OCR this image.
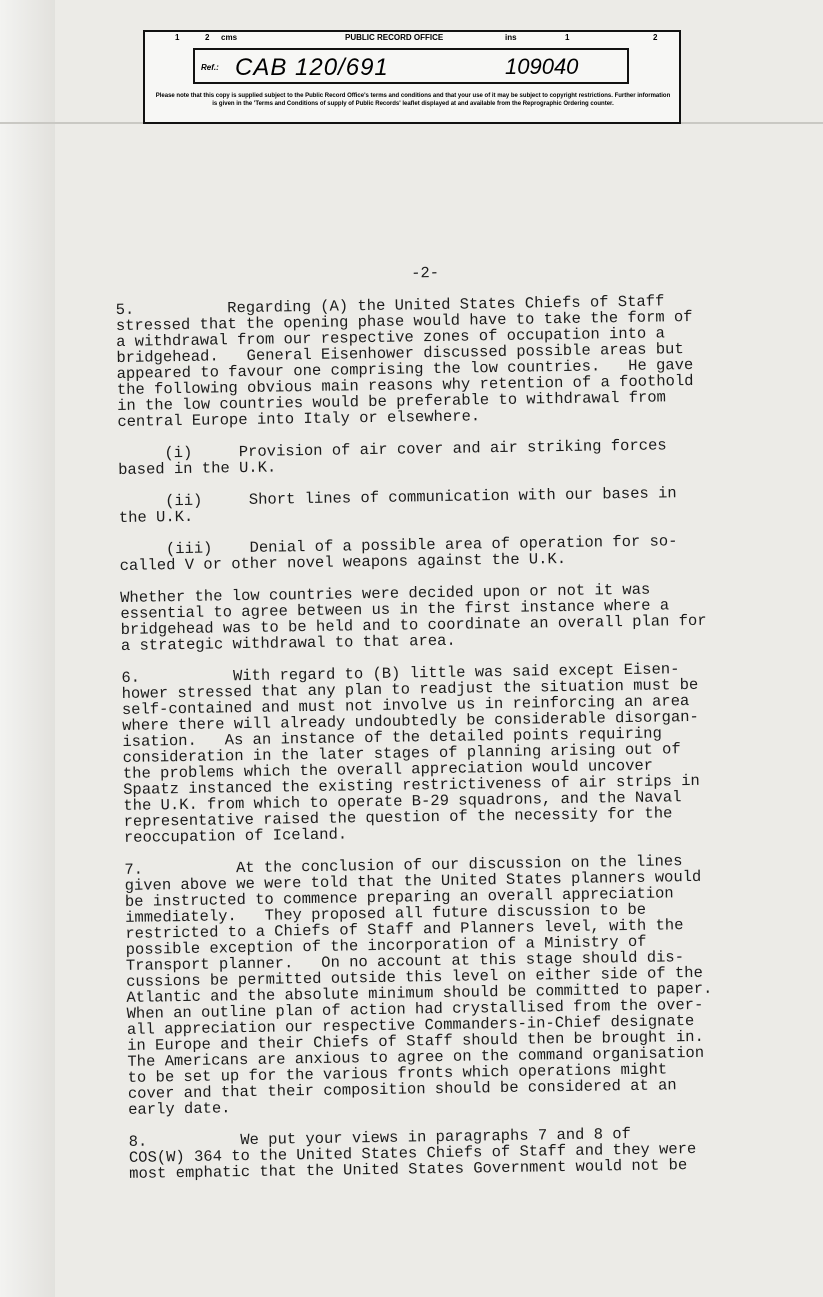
1	2 cms	PUBLIC RECORD OFFICE	ins	1	2
Ref.: CAB 120/691	109040
Please note that this copy is supplied subject to the Public Record Office's terms and conditions and that your use of it may be subject to copyright restrictions. Further information is given in the 'Terms and Conditions of supply of Public Records' leaflet displayed at and available from the Reprographic Ordering counter.
-2-
5.          Regarding (A) the United States Chiefs of Staff
stressed that the opening phase would have to take the form of
a withdrawal from our respective zones of occupation into a
bridgehead.   General Eisenhower discussed possible areas but
appeared to favour one comprising the low countries.   He gave
the following obvious main reasons why retention of a foothold
in the low countries would be preferable to withdrawal from
central Europe into Italy or elsewhere.
(i)     Provision of air cover and air striking forces
based in the U.K.
(ii)     Short lines of communication with our bases in
the U.K.
(iii)    Denial of a possible area of operation for so-
called V or other novel weapons against the U.K.
Whether the low countries were decided upon or not it was
essential to agree between us in the first instance where a
bridgehead was to be held and to coordinate an overall plan for
a strategic withdrawal to that area.
6.          With regard to (B) little was said except Eisen-
hower stressed that any plan to readjust the situation must be
self-contained and must not involve us in reinforcing an area
where there will already undoubtedly be considerable disorgan-
isation.   As an instance of the detailed points requiring
consideration in the later stages of planning arising out of
the problems which the overall appreciation would uncover
Spaatz instanced the existing restrictiveness of air strips in
the U.K. from which to operate B-29 squadrons, and the Naval
representative raised the question of the necessity for the
reoccupation of Iceland.
7.          At the conclusion of our discussion on the lines
given above we were told that the United States planners would
be instructed to commence preparing an overall appreciation
immediately.   They proposed all future discussion to be
restricted to a Chiefs of Staff and Planners level, with the
possible exception of the incorporation of a Ministry of
Transport planner.   On no account at this stage should dis-
cussions be permitted outside this level on either side of the
Atlantic and the absolute minimum should be committed to paper.
When an outline plan of action had crystallised from the over-
all appreciation our respective Commanders-in-Chief designate
in Europe and their Chiefs of Staff should then be brought in.
The Americans are anxious to agree on the command organisation
to be set up for the various fronts which operations might
cover and that their composition should be considered at an
early date.
8.          We put your views in paragraphs 7 and 8 of
COS(W) 364 to the United States Chiefs of Staff and they were
most emphatic that the United States Government would not be
